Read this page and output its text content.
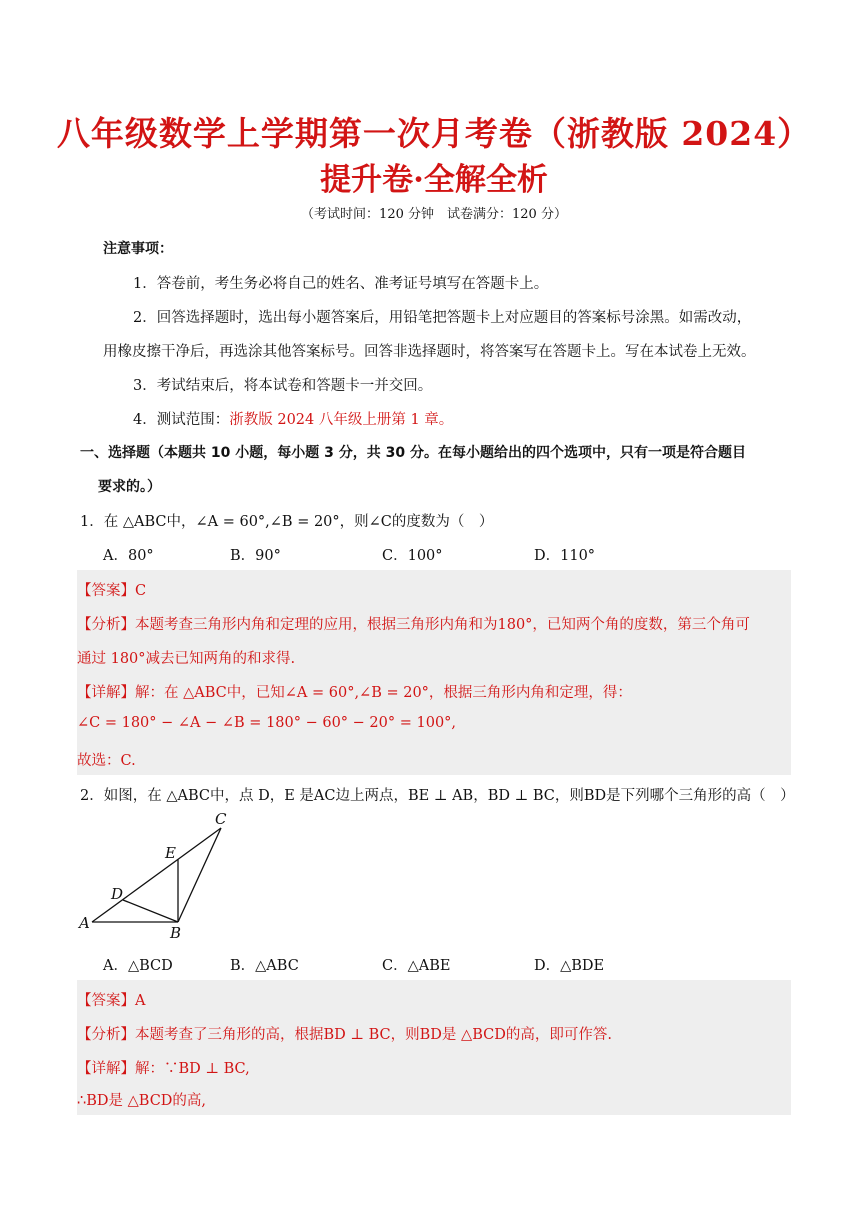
八年级数学上学期第一次月考卷（浙教版 2024）
提升卷·全解全析
（考试时间：120 分钟　试卷满分：120 分）
注意事项：
1．答卷前，考生务必将自己的姓名、准考证号填写在答题卡上。
2．回答选择题时，选出每小题答案后，用铅笔把答题卡上对应题目的答案标号涂黑。如需改动，
用橡皮擦干净后，再选涂其他答案标号。回答非选择题时，将答案写在答题卡上。写在本试卷上无效。
3．考试结束后，将本试卷和答题卡一并交回。
4．测试范围：浙教版 2024 八年级上册第 1 章。
一、选择题（本题共 10 小题，每小题 3 分，共 30 分。在每小题给出的四个选项中，只有一项是符合题目
要求的。）
1．在 △ABC中，∠A = 60°,∠B = 20°，则∠C的度数为（　）
A．80°	B．90°	C．100°	D．110°
【答案】C
【分析】本题考查三角形内角和定理的应用，根据三角形内角和为180°，已知两个角的度数，第三个角可
通过 180°减去已知两角的和求得.
【详解】解：在 △ABC中，已知∠A = 60°,∠B = 20°，根据三角形内角和定理，得：
∠C = 180° − ∠A − ∠B = 180° − 60° − 20° = 100°,
故选：C.
2．如图，在 △ABC中，点 D，E 是AC边上两点，BE ⊥ AB，BD ⊥ BC，则BD是下列哪个三角形的高（　）
A
B
C
D
E
A．△BCD	B．△ABC	C．△ABE	D．△BDE
【答案】A
【分析】本题考查了三角形的高，根据BD ⊥ BC，则BD是 △BCD的高，即可作答.
【详解】解：∵BD ⊥ BC,
∴BD是 △BCD的高,
